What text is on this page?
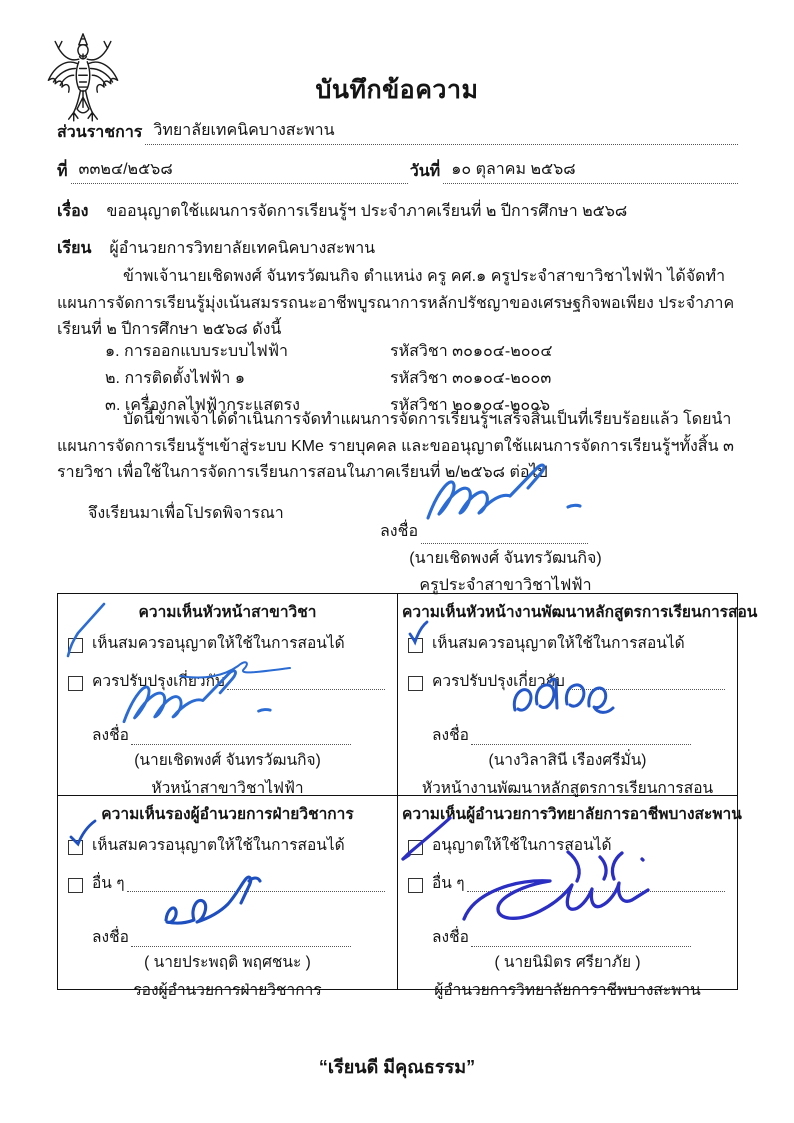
บันทึกข้อความ
ส่วนราชการ วิทยาลัยเทคนิคบางสะพาน
ที่ ๓๓๒๔/๒๕๖๘	วันที่ ๑๐ ตุลาคม ๒๕๖๘
เรื่อง	ขออนุญาตใช้แผนการจัดการเรียนรู้ฯ ประจำภาคเรียนที่ ๒ ปีการศึกษา ๒๕๖๘
เรียน	ผู้อำนวยการวิทยาลัยเทคนิคบางสะพาน

ข้าพเจ้านายเชิดพงศ์ จันทรวัฒนกิจ ตำแหน่ง ครู คศ.๑ ครูประจำสาขาวิชาไฟฟ้า ได้จัดทำแผนการจัดการเรียนรู้มุ่งเน้นสมรรถนะอาชีพบูรณาการหลักปรัชญาของเศรษฐกิจพอเพียง ประจำภาคเรียนที่ ๒ ปีการศึกษา ๒๕๖๘ ดังนี้

๑. การออกแบบระบบไฟฟ้า	รหัสวิชา ๓๐๑๐๔-๒๐๐๔
๒. การติดตั้งไฟฟ้า ๑	รหัสวิชา ๓๐๑๐๔-๒๐๐๓
๓. เครื่องกลไฟฟ้ากระแสตรง	รหัสวิชา ๒๐๑๐๔-๒๐๐๖

บัดนี้ข้าพเจ้าได้ดำเนินการจัดทำแผนการจัดการเรียนรู้ฯเสร็จสิ้นเป็นที่เรียบร้อยแล้ว โดยนำแผนการจัดการเรียนรู้ฯเข้าสู่ระบบ KMe รายบุคคล และขออนุญาตใช้แผนการจัดการเรียนรู้ฯทั้งสิ้น ๓ รายวิชา เพื่อใช้ในการจัดการเรียนการสอนในภาคเรียนที่ ๒/๒๕๖๘ ต่อไป

จึงเรียนมาเพื่อโปรดพิจารณา
ลงชื่อ
(นายเชิดพงศ์ จันทรวัฒนกิจ)
ครูประจำสาขาวิชาไฟฟ้า
ความเห็นหัวหน้าสาขาวิชา
เห็นสมควรอนุญาตให้ใช้ในการสอนได้
ควรปรับปรุงเกี่ยวกับ
ลงชื่อ
(นายเชิดพงศ์ จันทรวัฒนกิจ)
หัวหน้าสาขาวิชาไฟฟ้า
ความเห็นหัวหน้างานพัฒนาหลักสูตรการเรียนการสอน
เห็นสมควรอนุญาตให้ใช้ในการสอนได้
ควรปรับปรุงเกี่ยวกับ
ลงชื่อ
(นางวิลาสินี เรืองศรีมั่น)
หัวหน้างานพัฒนาหลักสูตรการเรียนการสอน
ความเห็นรองผู้อำนวยการฝ่ายวิชาการ
เห็นสมควรอนุญาตให้ใช้ในการสอนได้
อื่น ๆ
ลงชื่อ
( นายประพฤติ พฤศชนะ )
รองผู้อำนวยการฝ่ายวิชาการ
ความเห็นผู้อำนวยการวิทยาลัยการอาชีพบางสะพาน
อนุญาตให้ใช้ในการสอนได้
อื่น ๆ
ลงชื่อ
( นายนิมิตร ศรียาภัย )
ผู้อำนวยการวิทยาลัยการาชีพบางสะพาน
“เรียนดี มีคุณธรรม”
